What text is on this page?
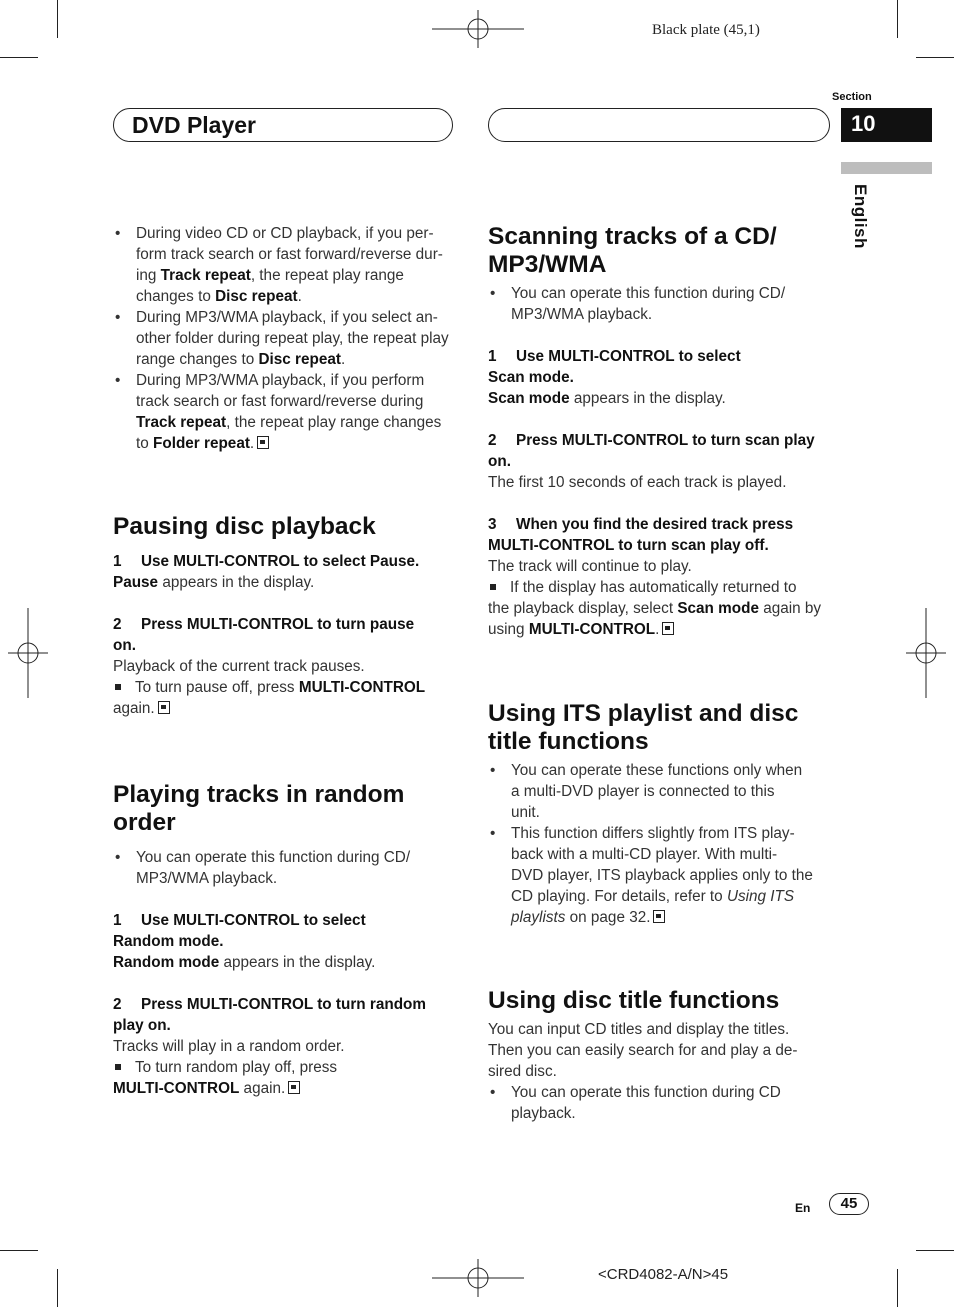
Black plate (45,1)
DVD Player
Section
10
English

• During video CD or CD playback, if you per-
form track search or fast forward/reverse dur-
ing Track repeat, the repeat play range
changes to Disc repeat.

• During MP3/WMA playback, if you select an-
other folder during repeat play, the repeat play
range changes to Disc repeat.

• During MP3/WMA playback, if you perform
track search or fast forward/reverse during
Track repeat, the repeat play range changes
to Folder repeat.

Pausing disc playback

1 Use MULTI-CONTROL to select Pause.

Pause appears in the display.

2 Press MULTI-CONTROL to turn pause
on.

Playback of the current track pauses.

To turn pause off, press MULTI-CONTROL

again.

Playing tracks in random order

• You can operate this function during CD/
MP3/WMA playback.

1 Use MULTI-CONTROL to select
Random mode.

Random mode appears in the display.

2 Press MULTI-CONTROL to turn random
play on.

Tracks will play in a random order.

To turn random play off, press

MULTI-CONTROL again.

Scanning tracks of a CD/
MP3/WMA

• You can operate this function during CD/
MP3/WMA playback.

1 Use MULTI-CONTROL to select
Scan mode.

Scan mode appears in the display.

2 Press MULTI-CONTROL to turn scan play
on.

The first 10 seconds of each track is played.

3 When you find the desired track press
MULTI-CONTROL to turn scan play off.

The track will continue to play.

If the display has automatically returned to

the playback display, select Scan mode again by
using MULTI-CONTROL.

Using ITS playlist and disc
title functions

• You can operate these functions only when
a multi-DVD player is connected to this
unit.

• This function differs slightly from ITS play-
back with a multi-CD player. With multi-
DVD player, ITS playback applies only to the
CD playing. For details, refer to Using ITS
playlists on page 32.

Using disc title functions

You can input CD titles and display the titles.
Then you can easily search for and play a de-
sired disc.

• You can operate this function during CD
playback.

En	45
<CRD4082-A/N>45
